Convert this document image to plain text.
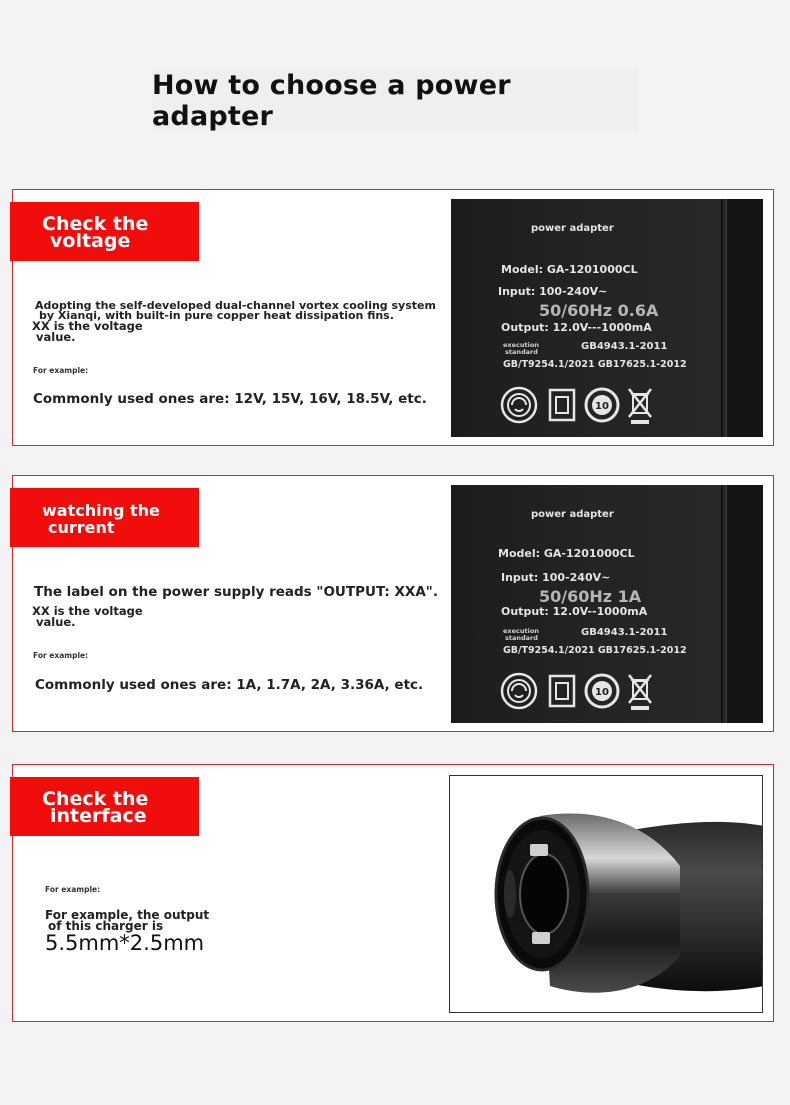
How to choose a power adapter
Check the
voltage
Adopting the self-developed dual-channel vortex cooling system
by Xianqi, with built-in pure copper heat dissipation fins.
XX is the voltage
value.
For example:
Commonly used ones are: 12V, 15V, 16V, 18.5V, etc.
power adapter
Model: GA-1201000CL
Input: 100-240V~
50/60Hz 0.6A
Output: 12.0V---1000mA
execution
standard	GB4943.1-2011
GB/T9254.1/2021 GB17625.1-2012
10
watching the
current
The label on the power supply reads "OUTPUT: XXA".
XX is the voltage
value.
For example:
Commonly used ones are: 1A, 1.7A, 2A, 3.36A, etc.
power adapter
Model: GA-1201000CL
Input: 100-240V~
50/60Hz 1A
Output: 12.0V--1000mA
execution
standard	GB4943.1-2011
GB/T9254.1/2021 GB17625.1-2012
10
Check the
interface
For example:
For example, the output
of this charger is
5.5mm*2.5mm
